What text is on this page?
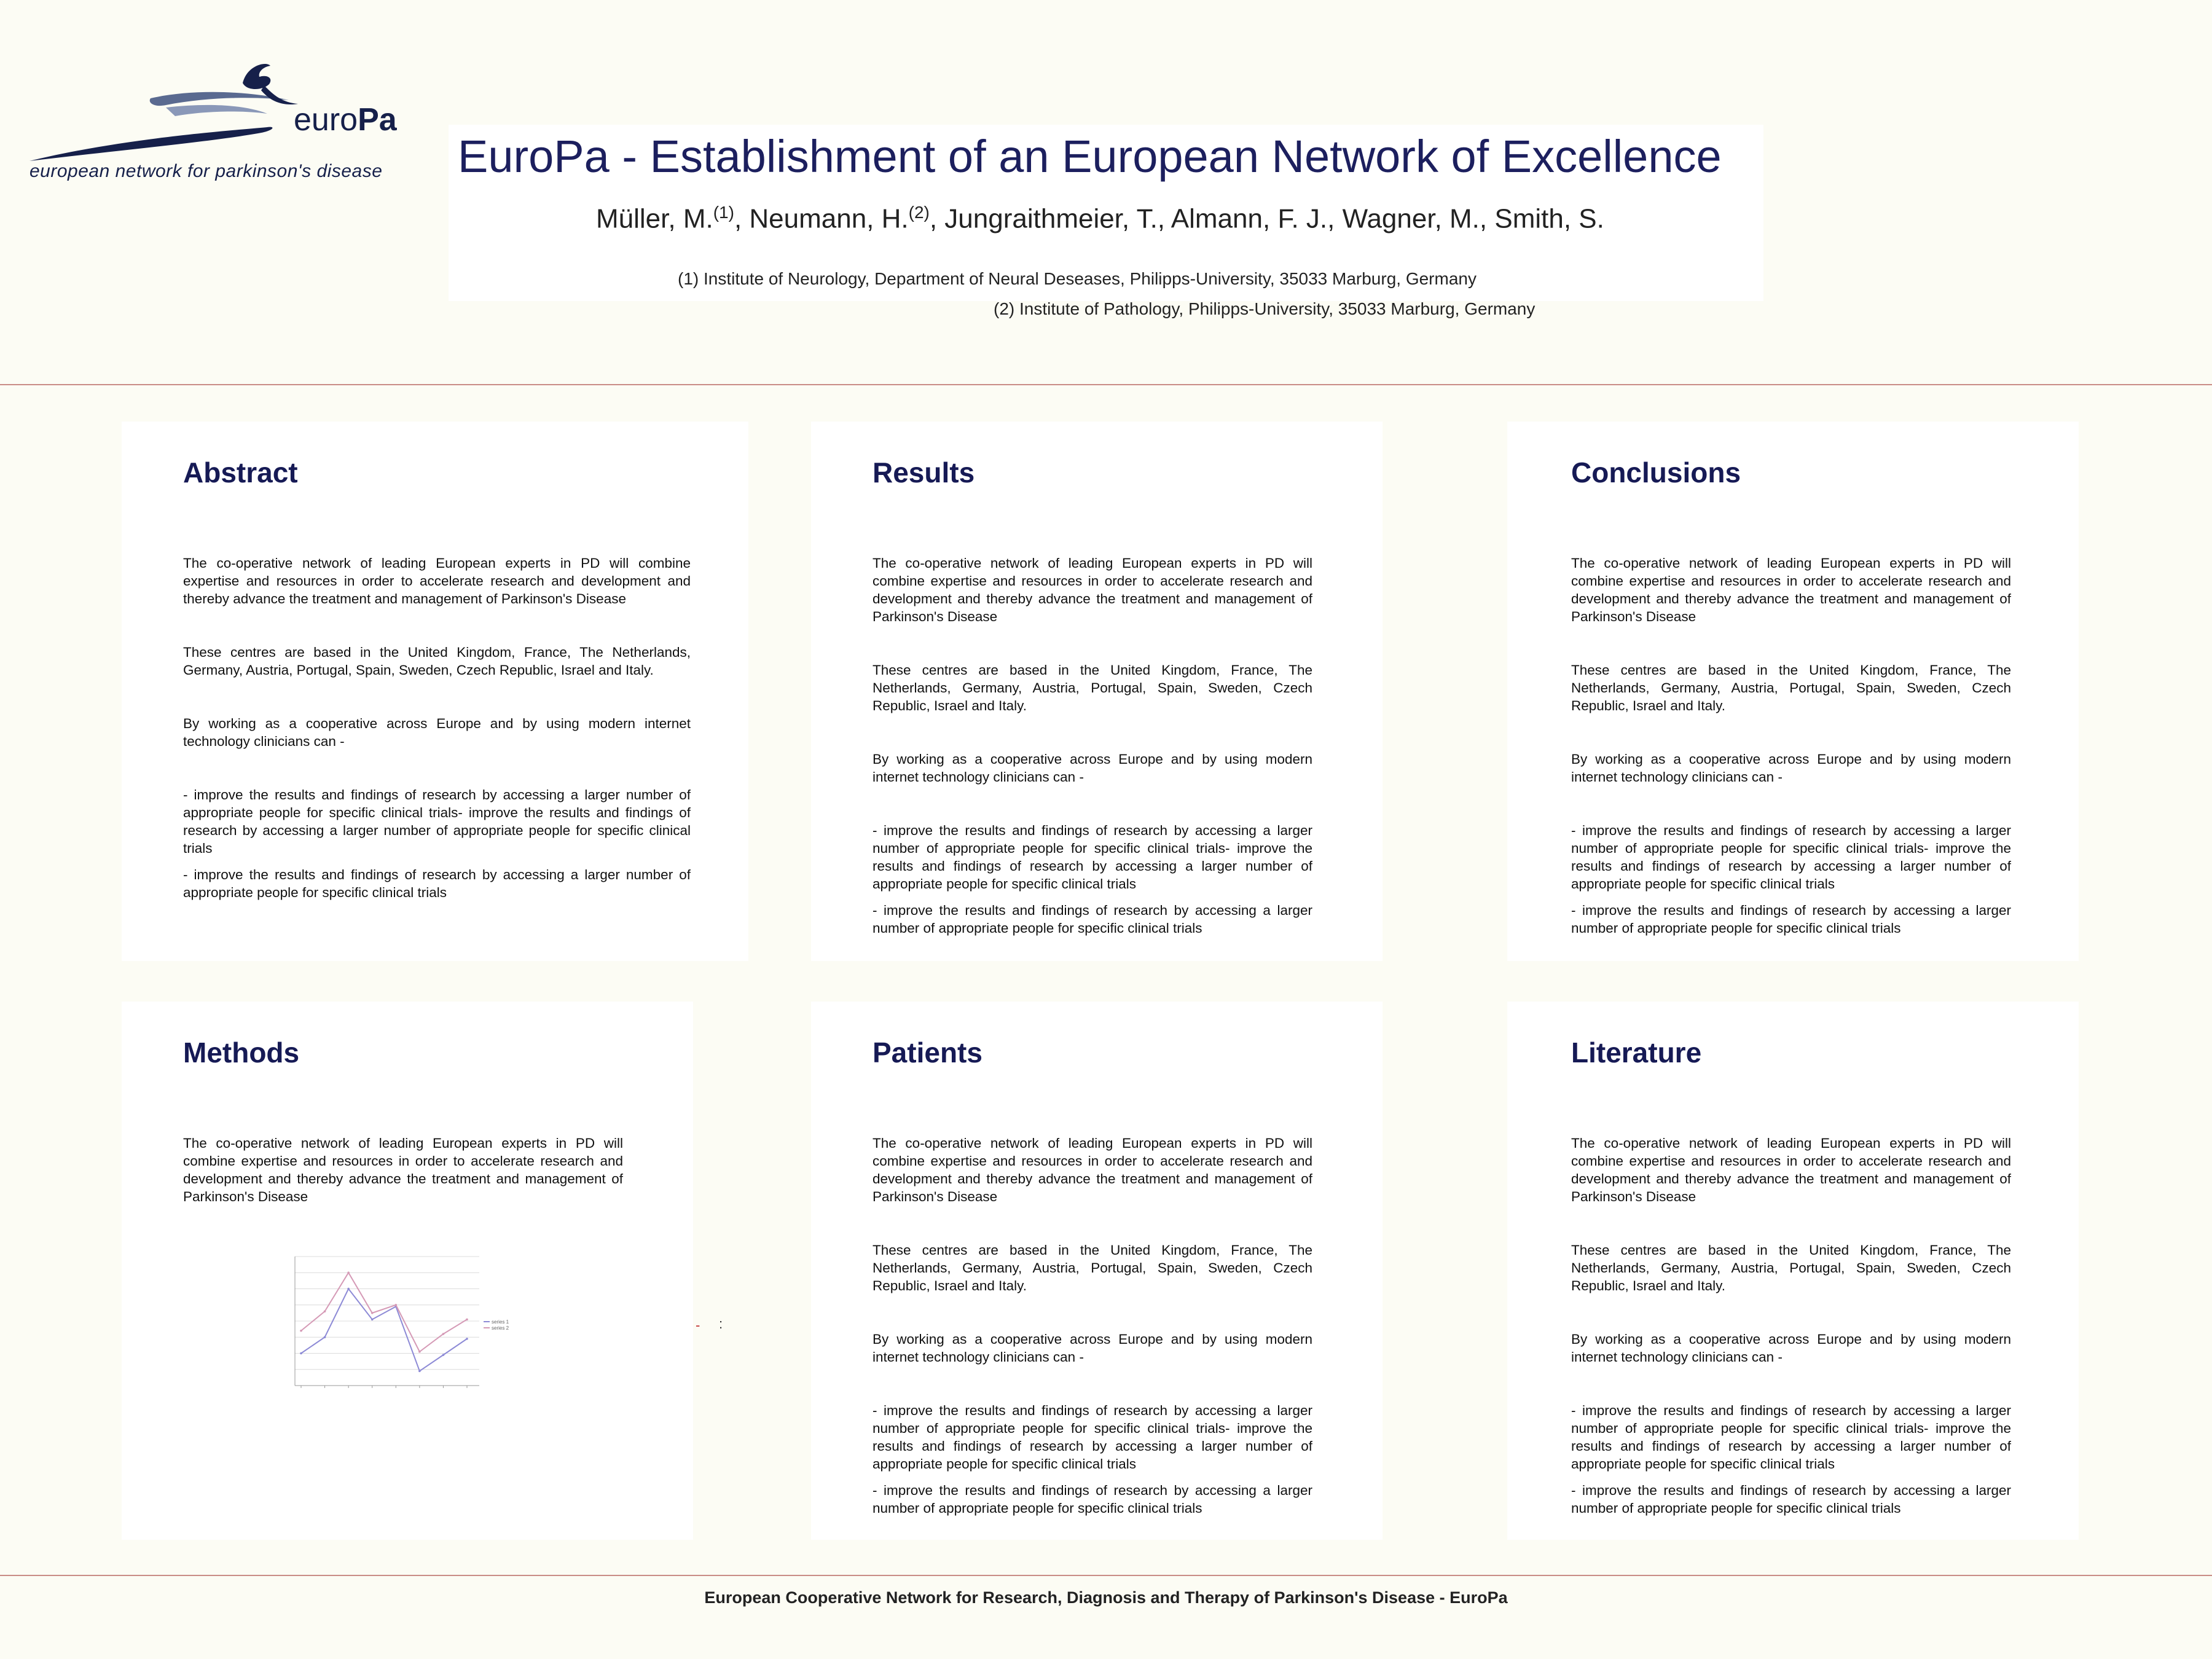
euroPa
european network for parkinson's disease EuroPa - Establishment of an European Network of Excellence
Müller, M.$^{(1)}$, Neumann, H.$^{(2)}$, Jungraithmeier, T., Almann, F. J., Wagner, M., Smith, S.
(1) Institute of Neurology, Department of Neural Deseases, Philipps-University, 35033 Marburg, Germany
(2) Institute of Pathology, Philipps-University, 35033 Marburg, Germany
Abstract

The co-operative network of leading European experts in PD will combine expertise and resources in order to accelerate research and development and thereby advance the treatment and management of Parkinson's Disease

These centres are based in the United Kingdom, France, The Netherlands, Germany, Austria, Portugal, Spain, Sweden, Czech Republic, Israel and Italy.

By working as a cooperative across Europe and by using modern internet technology clinicians can -

- improve the results and findings of research by accessing a larger number of appropriate people for specific clinical trials- improve the results and findings of research by accessing a larger number of appropriate people for specific clinical trials

- improve the results and findings of research by accessing a larger number of appropriate people for specific clinical trials

Results

The co-operative network of leading European experts in PD will combine expertise and resources in order to accelerate research and development and thereby advance the treatment and management of Parkinson's Disease

These centres are based in the United Kingdom, France, The Netherlands, Germany, Austria, Portugal, Spain, Sweden, Czech Republic, Israel and Italy.

By working as a cooperative across Europe and by using modern internet technology clinicians can -

- improve the results and findings of research by accessing a larger number of appropriate people for specific clinical trials- improve the results and findings of research by accessing a larger number of appropriate people for specific clinical trials

- improve the results and findings of research by accessing a larger number of appropriate people for specific clinical trials

Conclusions

The co-operative network of leading European experts in PD will combine expertise and resources in order to accelerate research and development and thereby advance the treatment and management of Parkinson's Disease

These centres are based in the United Kingdom, France, The Netherlands, Germany, Austria, Portugal, Spain, Sweden, Czech Republic, Israel and Italy.

By working as a cooperative across Europe and by using modern internet technology clinicians can -

- improve the results and findings of research by accessing a larger number of appropriate people for specific clinical trials- improve the results and findings of research by accessing a larger number of appropriate people for specific clinical trials

- improve the results and findings of research by accessing a larger number of appropriate people for specific clinical trials

Methods

The co-operative network of leading European experts in PD will combine expertise and resources in order to accelerate research and development and thereby advance the treatment and management of Parkinson's Disease

series 1
series 2	- :
Patients

The co-operative network of leading European experts in PD will combine expertise and resources in order to accelerate research and development and thereby advance the treatment and management of Parkinson's Disease

These centres are based in the United Kingdom, France, The Netherlands, Germany, Austria, Portugal, Spain, Sweden, Czech Republic, Israel and Italy.

By working as a cooperative across Europe and by using modern internet technology clinicians can -

- improve the results and findings of research by accessing a larger number of appropriate people for specific clinical trials- improve the results and findings of research by accessing a larger number of appropriate people for specific clinical trials

- improve the results and findings of research by accessing a larger number of appropriate people for specific clinical trials

Literature

The co-operative network of leading European experts in PD will combine expertise and resources in order to accelerate research and development and thereby advance the treatment and management of Parkinson's Disease

These centres are based in the United Kingdom, France, The Netherlands, Germany, Austria, Portugal, Spain, Sweden, Czech Republic, Israel and Italy.

By working as a cooperative across Europe and by using modern internet technology clinicians can -

- improve the results and findings of research by accessing a larger number of appropriate people for specific clinical trials- improve the results and findings of research by accessing a larger number of appropriate people for specific clinical trials

- improve the results and findings of research by accessing a larger number of appropriate people for specific clinical trials

European Cooperative Network for Research, Diagnosis and Therapy of Parkinson's Disease - EuroPa
